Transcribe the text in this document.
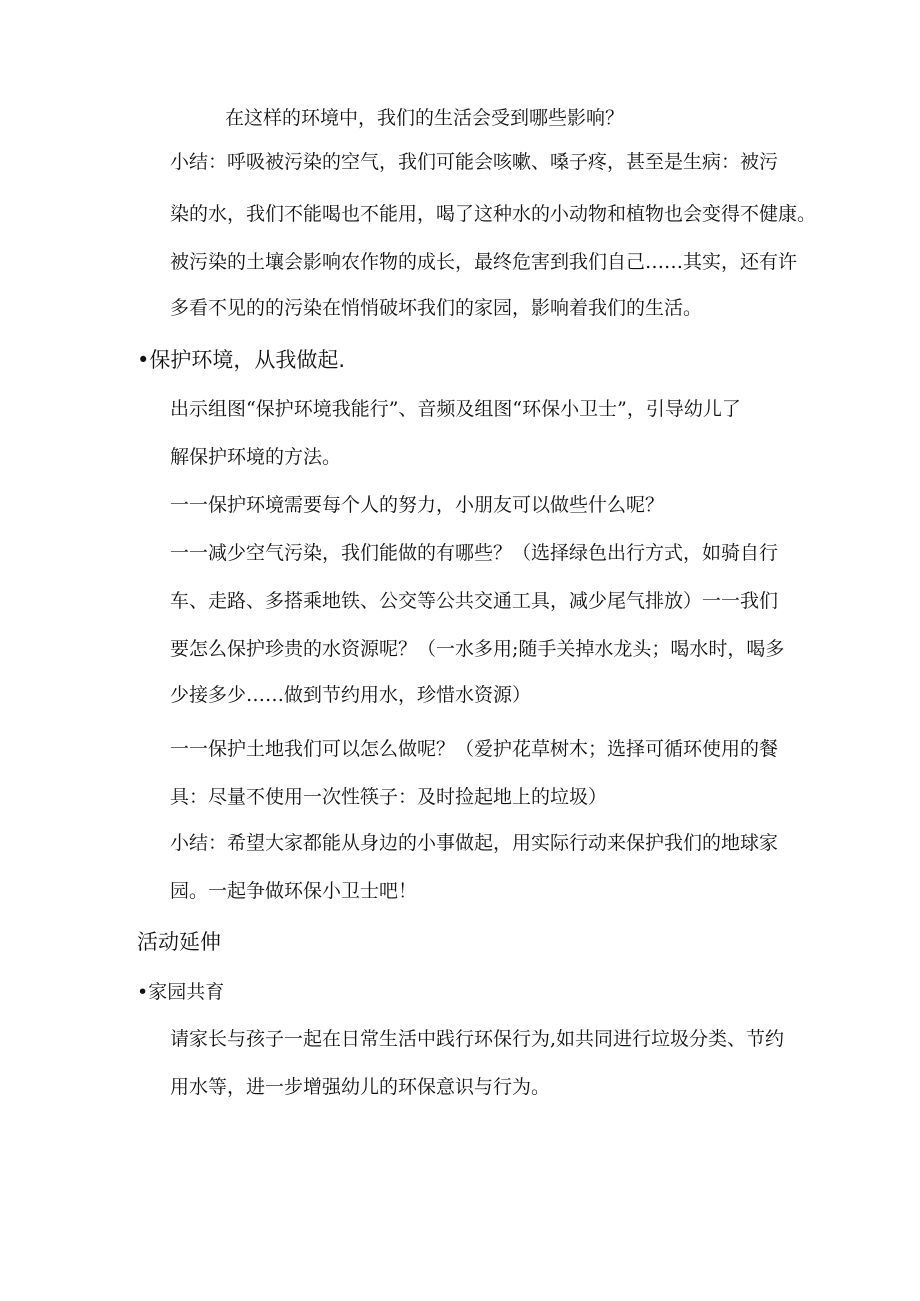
在这样的环境中，我们的生活会受到哪些影响？
小结：呼吸被污染的空气，我们可能会咳嗽、嗓子疼，甚至是生病：被污
染的水，我们不能喝也不能用，喝了这种水的小动物和植物也会变得不健康。
被污染的土壤会影响农作物的成长，最终危害到我们自己……其实，还有许
多看不见的的污染在悄悄破坏我们的家园，影响着我们的生活。
•保护环境，从我做起.
出示组图“保护环境我能行”、音频及组图“环保小卫士”，引导幼儿了
解保护环境的方法。
一一保护环境需要每个人的努力，小朋友可以做些什么呢？
一一减少空气污染，我们能做的有哪些？（选择绿色出行方式，如骑自行
车、走路、多搭乘地铁、公交等公共交通工具，减少尾气排放）一一我们
要怎么保护珍贵的水资源呢？（一水多用;随手关掉水龙头；喝水时，喝多
少接多少……做到节约用水，珍惜水资源）
一一保护土地我们可以怎么做呢？（爱护花草树木；选择可循环使用的餐
具：尽量不使用一次性筷子：及时捡起地上的垃圾）
小结：希望大家都能从身边的小事做起，用实际行动来保护我们的地球家
园。一起争做环保小卫士吧！
活动延伸
•家园共育
请家长与孩子一起在日常生活中践行环保行为,如共同进行垃圾分类、节约
用水等，进一步增强幼儿的环保意识与行为。
